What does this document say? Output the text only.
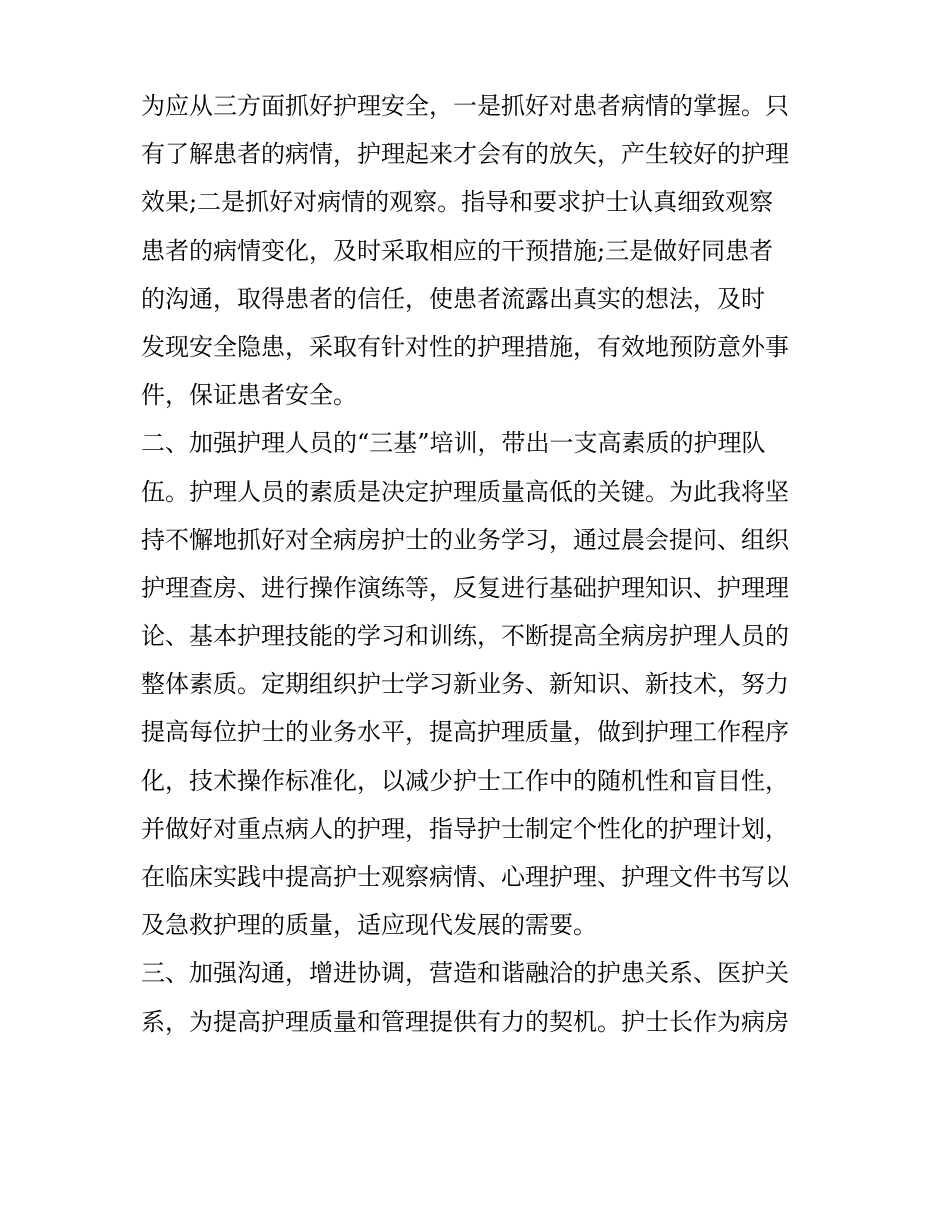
为应从三方面抓好护理安全，一是抓好对患者病情的掌握。只
有了解患者的病情，护理起来才会有的放矢，产生较好的护理
效果;二是抓好对病情的观察。指导和要求护士认真细致观察
患者的病情变化，及时采取相应的干预措施;三是做好同患者
的沟通，取得患者的信任，使患者流露出真实的想法，及时
发现安全隐患，采取有针对性的护理措施，有效地预防意外事
件，保证患者安全。
二、加强护理人员的“三基”培训，带出一支高素质的护理队
伍。护理人员的素质是决定护理质量高低的关键。为此我将坚
持不懈地抓好对全病房护士的业务学习，通过晨会提问、组织
护理查房、进行操作演练等，反复进行基础护理知识、护理理
论、基本护理技能的学习和训练，不断提高全病房护理人员的
整体素质。定期组织护士学习新业务、新知识、新技术，努力
提高每位护士的业务水平，提高护理质量，做到护理工作程序
化，技术操作标准化，以减少护士工作中的随机性和盲目性，
并做好对重点病人的护理，指导护士制定个性化的护理计划，
在临床实践中提高护士观察病情、心理护理、护理文件书写以
及急救护理的质量，适应现代发展的需要。
三、加强沟通，增进协调，营造和谐融洽的护患关系、医护关
系，为提高护理质量和管理提供有力的契机。护士长作为病房
